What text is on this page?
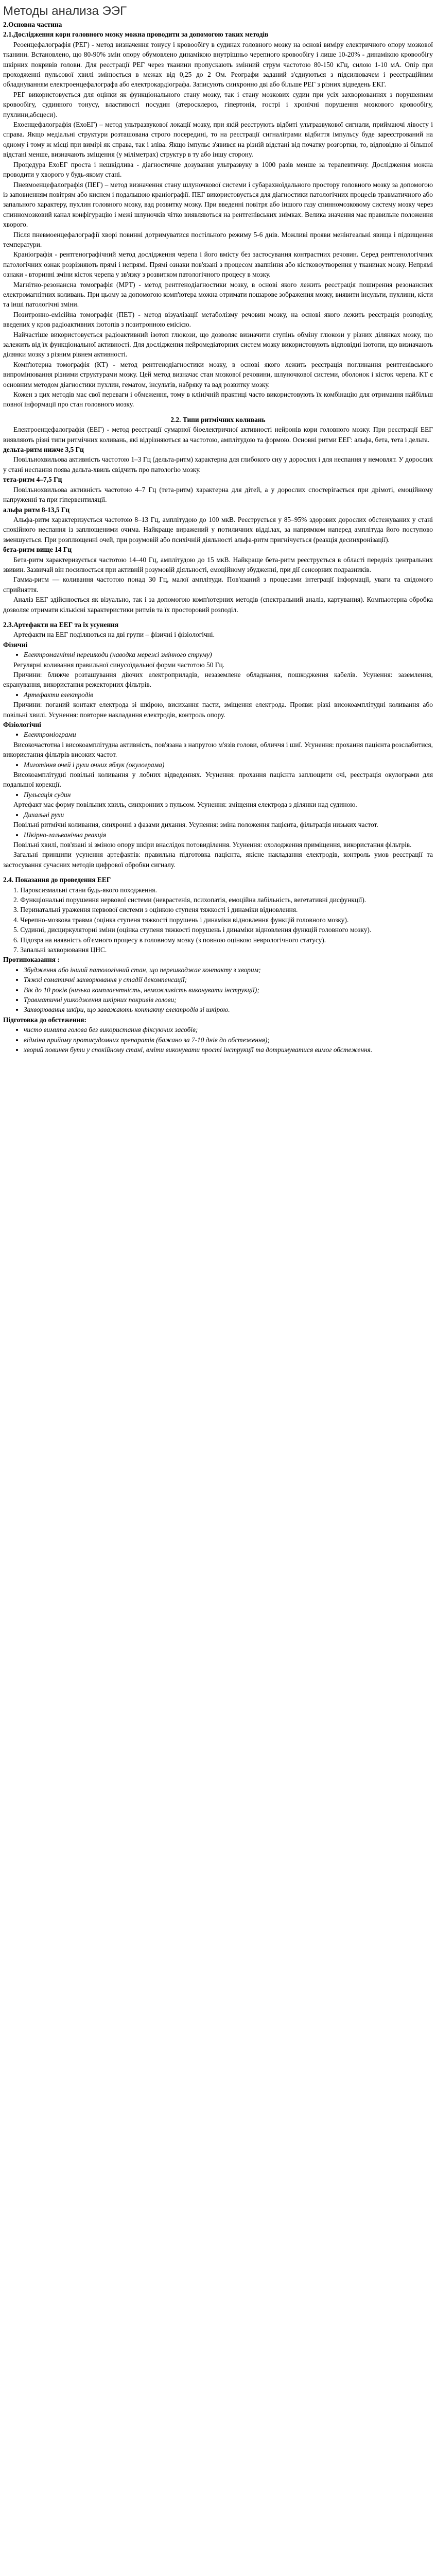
Методы анализа ЭЭГ

2.Основна частина

2.1.Дослідження кори головного мозку можна проводити за допомогою таких методів

Реоенцефалографія (РЕГ) - метод визначення тонусу і кровообігу в судинах головного мозку на основі виміру електричного опору мозкової тканини. Встановлено, що 80-90% змін опору обумовлено динамікою внутрішньо черепного кровообігу і лише 10-20% - динамікою кровообігу шкірних покривів голови. Для реєстрації РЕГ через тканини пропускають змінний струм частотою 80-150 кГц, силою 1-10 мА. Опір при проходженні пульсової хвилі змінюється в межах від 0,25 до 2 Ом. Реографи заданий з'єднуються з підсилювачем і реєстраційним обладнуванням електроенцефалографа або електрокардіографа. Записують синхронно дві або більше РЕГ з різних відведень ЕКГ.

РЕГ використовується для оцінки як функціонального стану мозку, так і стану мозкових судин при усіх захворюваннях з порушенням кровообігу, судинного тонусу, властивості посудин (атеросклероз, гіпертонія, гострі і хронічні порушення мозкового кровообігу, пухлини,абсцеси).

Ехоенцефалографія (ЕхоЕГ) – метод ультразвукової локації мозку, при якій реєструють відбиті ультразвукової сигнали, приймаючі лівосту і справа. Якщо медіальні структури розташована строго посередині, то на реєстрації сигналіграми відбиття імпульсу буде зареєстрований на одному і тому ж місці при вимірі як справа, так і зліва. Якщо імпульс з'явився на різній відстані від початку розгортки, то, відповідно зі більшої відстані менше, визначають зміщення (у міліметрах) структур в ту або іншу сторону.

Процедура ЕхоЕГ проста і нешкідлива - діагностичне дозування ультразвуку в 1000 разів менше за терапевтичну. Дослідження можна проводити у хворого у будь-якому стані.

Пневмоенцефалографія (ПЕГ) – метод визначення стану шлуночкової системи і субарахноїдального простору головного мозку за допомогою із заповненням повітрям або киснем і подальшою краніографії. ПЕГ використовується для діагностики патологічних процесів травматичного або запального характеру, пухлин головного мозку, вад розвитку мозку. При введенні повітря або іншого газу спинномозковому систему мозку через спинномозковий канал конфігурацію і межі шлуночків чітко виявляються на рентгенівських знімках. Велика значення має правильне положення хворого.

Після пневмоенцефалографії хворі повинні дотримуватися постільного режиму 5-6 днів. Можливі прояви менінгеальні явища і підвищення температури.

Краніографія - рентгенографічний метод дослідження черепа і його вмісту без застосування контрастних речовин. Серед рентгенологічних патологічних ознак розрізняють прямі і непрямі. Прямі ознаки пов'язані з процесом звапніння або кістковоутворення у тканинах мозку. Непрямі ознаки - вторинні зміни кісток черепа у зв'язку з розвитком патологічного процесу в мозку.

Магнітно-резонансна томографія (МРТ) - метод рентгенодіагностики мозку, в основі якого лежить реєстрація поширення резонансних електромагнітних коливань. При цьому за допомогою комп'ютера можна отримати пошарове зображення мозку, виявити інсульти, пухлини, кісти та інші патологічні зміни.

Позитронно-емісійна томографія (ПЕТ) - метод візуалізації метаболізму речовин мозку, на основі якого лежить реєстрація розподілу, введених у кров радіоактивних ізотопів з позитронною емісією.

Найчастіше використовується радіоактивний ізотоп глюкози, що дозволяє визначити ступінь обміну глюкози у різних ділянках мозку, що залежить від їх функціональної активності. Для дослідження нейромедіаторних систем мозку використовують відповідні ізотопи, що визначають ділянки мозку з різним рівнем активності.

Комп'ютерна томографія (КТ) - метод рентгенодіагностики мозку, в основі якого лежить реєстрація поглинання рентгенівського випромінювання різними структурами мозку. Цей метод визначає стан мозкової речовини, шлуночкової системи, оболонок і кісток черепа. КТ є основним методом діагностики пухлин, гематом, інсультів, набряку та вад розвитку мозку.

Кожен з цих методів має свої переваги і обмеження, тому в клінічній практиці часто використовують їх комбінацію для отримання найбільш повної інформації про стан головного мозку.

2.2. Типи ритмічних коливань

Електроенцефалографія (ЕЕГ) - метод реєстрації сумарної біоелектричної активності нейронів кори головного мозку. При реєстрації ЕЕГ виявляють різні типи ритмічних коливань, які відрізняються за частотою, амплітудою та формою. Основні ритми ЕЕГ: альфа, бета, тета і дельта.

дельта-ритм нижче 3,5 Гц

Повільнохвильова активність частотою 1–3 Гц (дельта-ритм) характерна для глибокого сну у дорослих і для неспання у немовлят. У дорослих у стані неспання поява дельта-хвиль свідчить про патологію мозку.

тета-ритм 4–7,5 Гц

Повільнохвильова активність частотою 4–7 Гц (тета-ритм) характерна для дітей, а у дорослих спостерігається при дрімоті, емоційному напруженні та при гіпервентиляції.

альфа ритм 8-13,5 Гц

Альфа-ритм характеризується частотою 8–13 Гц, амплітудою до 100 мкВ. Реєструється у 85–95% здорових дорослих обстежуваних у стані спокійного неспання із заплющеними очима. Найкраще виражений у потиличних відділах, за напрямком наперед амплітуда його поступово зменшується. При розплющенні очей, при розумовій або психічній діяльності альфа-ритм пригнічується (реакція десинхронізації).

бета-ритм вище 14 Гц

Бета-ритм характеризується частотою 14–40 Гц, амплітудою до 15 мкВ. Найкраще бета-ритм реєструється в області передніх центральних звивин. Зазвичай він посилюється при активній розумовій діяльності, емоційному збудженні, при дії сенсорних подразників.

Гамма-ритм — коливання частотою понад 30 Гц, малої амплітуди. Пов'язаний з процесами інтеграції інформації, уваги та свідомого сприйняття.

Аналіз ЕЕГ здійснюється як візуально, так і за допомогою комп'ютерних методів (спектральний аналіз, картування). Компьютерна обробка дозволяє отримати кількісні характеристики ритмів та їх просторовий розподіл.

2.3.Артефакти на ЕЕГ та їх усунення

Артефакти на ЕЕГ поділяються на дві групи – фізичні і фізіологічні.

Фізичні

• Електромагнітні перешкоди (наводка мережі змінного струму)

Регулярні коливання правильної синусоїдальної форми частотою 50 Гц.

Причини: ближче розташування діючих електроприладів, незаземлене обладнання, пошкодження кабелів. Усунення: заземлення, екранування, використання режекторних фільтрів.

• Артефакти електродів

Причини: поганий контакт електрода зі шкірою, висихання пасти, зміщення електрода. Прояви: різкі високоамплітудні коливання або повільні хвилі. Усунення: повторне накладання електродів, контроль опору.

Фізіологічні

• Електроміограми

Високочастотна і високоамплітудна активність, пов'язана з напругою м'язів голови, обличчя і шиї. Усунення: прохання пацієнта розслабитися, використання фільтрів високих частот.

• Миготіння очей і рухи очних яблук (окулограма)

Високоамплітудні повільні коливання у лобних відведеннях. Усунення: прохання пацієнта заплющити очі, реєстрація окулограми для подальшої корекції.

• Пульсація судин

Артефакт має форму повільних хвиль, синхронних з пульсом. Усунення: зміщення електрода з ділянки над судиною.

• Дихальні рухи

Повільні ритмічні коливання, синхронні з фазами дихання. Усунення: зміна положення пацієнта, фільтрація низьких частот.

• Шкірно-гальванічна реакція

Повільні хвилі, пов'язані зі зміною опору шкіри внаслідок потовиділення. Усунення: охолодження приміщення, використання фільтрів.

Загальні принципи усунення артефактів: правильна підготовка пацієнта, якісне накладання електродів, контроль умов реєстрації та застосування сучасних методів цифрової обробки сигналу.

2.4. Показання до проведення ЕЕГ

1. Пароксизмальні стани будь-якого походження.

2. Функціональні порушення нервової системи (неврастенія, психопатія, емоційна лабільність, вегетативні дисфункції).

3. Перинатальні ураження нервової системи з оцінкою ступеня тяжкості і динаміки відновлення.

4. Черепно-мозкова травма (оцінка ступеня тяжкості порушень і динаміки відновлення функцій головного мозку).

5. Судинні, дисциркуляторні зміни (оцінка ступеня тяжкості порушень і динаміки відновлення функцій головного мозку).

6. Підозра на наявність об'ємного процесу в головному мозку (з повною оцінкою неврологічного статусу).

7. Запальні захворювання ЦНС.

Протипоказання :

• Збудження або інший патологічний стан, що перешкоджає контакту з хворим;
• Тяжкі соматичні захворювання у стадії декомпенсації;
• Вік до 10 років (низька комплаєнтність, неможливість виконувати інструкції);
• Травматичні ушкодження шкірних покривів голови;
• Захворювання шкіри, що заважають контакту електродів зі шкірою.

Підготовка до обстеження:

• чисто вимита голова без використання фіксуючих засобів;
• відміна прийому протисудомних препаратів (бажано за 7-10 днів до обстеження);
• хворий повинен бути у спокійному стані, вміти виконувати прості інструкції та дотримуватися вимог обстеження.
